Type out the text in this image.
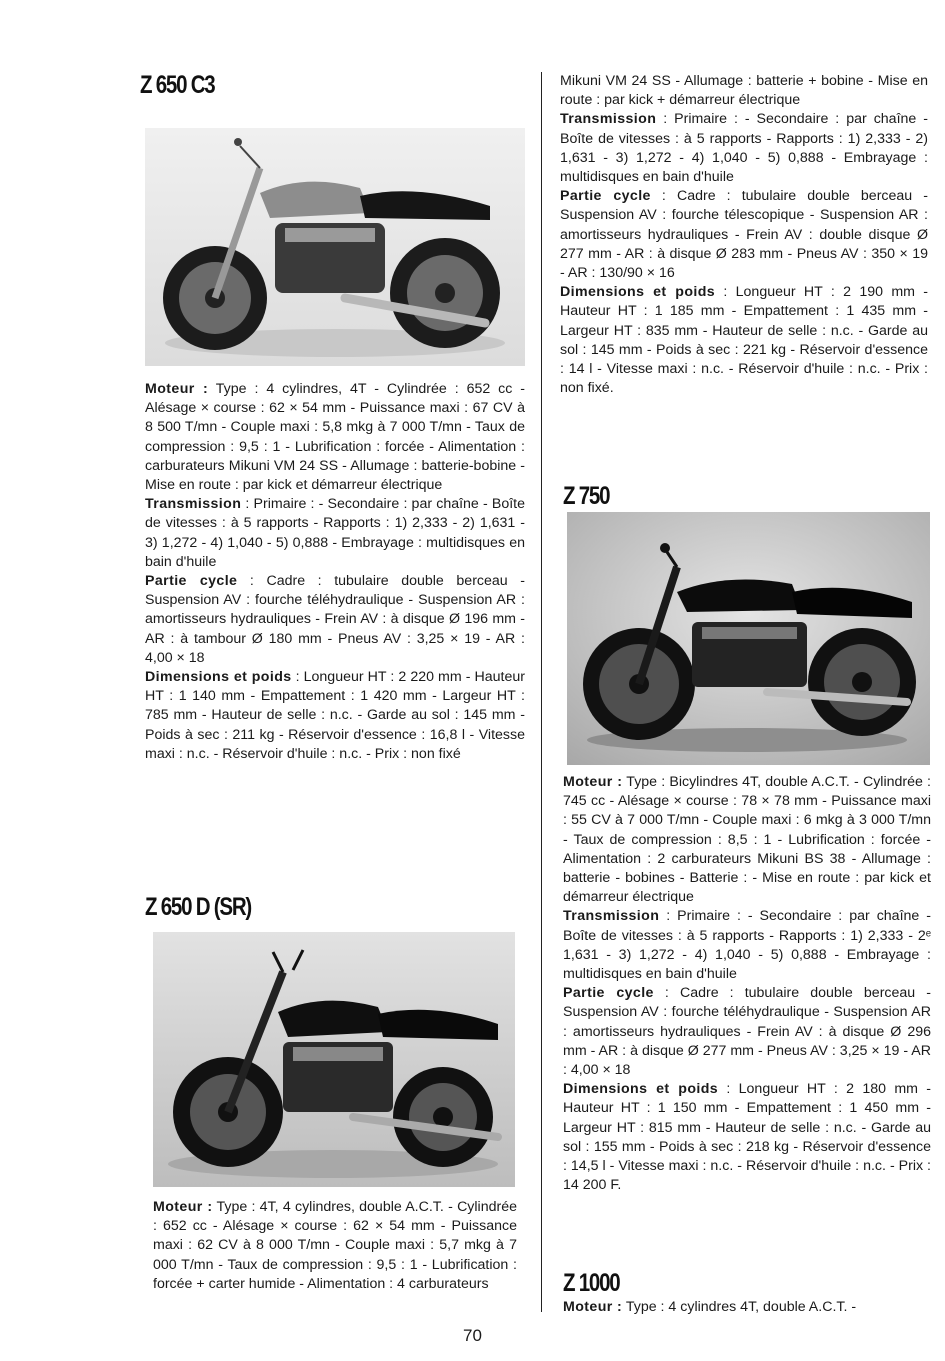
Z 650 C3

Moteur : Type : 4 cylindres, 4T - Cylindrée : 652 cc - Alésage × course : 62 × 54 mm - Puissance maxi : 67 CV à 8 500 T/mn - Couple maxi : 5,8 mkg à 7 000 T/mn - Taux de compression : 9,5 : 1 - Lubrification : forcée - Alimentation : carburateurs Mikuni VM 24 SS - Allumage : batterie-bobine - Mise en route : par kick et démarreur électrique

Transmission : Primaire : - Secondaire : par chaîne - Boîte de vitesses : à 5 rapports - Rapports : 1) 2,333 - 2) 1,631 - 3) 1,272 - 4) 1,040 - 5) 0,888 - Embrayage : multidisques en bain d'huile

Partie cycle : Cadre : tubulaire double berceau - Suspension AV : fourche téléhydraulique - Suspension AR : amortisseurs hydrauliques - Frein AV : à disque Ø 196 mm - AR : à tambour Ø 180 mm - Pneus AV : 3,25 × 19 - AR : 4,00 × 18

Dimensions et poids : Longueur HT : 2 220 mm - Hauteur HT : 1 140 mm - Empattement : 1 420 mm - Largeur HT : 785 mm - Hauteur de selle : n.c. - Garde au sol : 145 mm - Poids à sec : 211 kg - Réservoir d'essence : 16,8 l - Vitesse maxi : n.c. - Réservoir d'huile : n.c. - Prix : non fixé

Z 650 D (SR)

Moteur : Type : 4T, 4 cylindres, double A.C.T. - Cylindrée : 652 cc - Alésage × course : 62 × 54 mm - Puissance maxi : 62 CV à 8 000 T/mn - Couple maxi : 5,7 mkg à 7 000 T/mn - Taux de compression : 9,5 : 1 - Lubrification : forcée + carter humide - Alimentation : 4 carburateurs

Mikuni VM 24 SS - Allumage : batterie + bobine - Mise en route : par kick + démarreur électrique

Transmission : Primaire : - Secondaire : par chaîne - Boîte de vitesses : à 5 rapports - Rapports : 1) 2,333 - 2) 1,631 - 3) 1,272 - 4) 1,040 - 5) 0,888 - Embrayage : multidisques en bain d'huile

Partie cycle : Cadre : tubulaire double berceau - Suspension AV : fourche télescopique - Suspension AR : amortisseurs hydrauliques - Frein AV : double disque Ø 277 mm - AR : à disque Ø 283 mm - Pneus AV : 350 × 19 - AR : 130/90 × 16

Dimensions et poids : Longueur HT : 2 190 mm - Hauteur HT : 1 185 mm - Empattement : 1 435 mm - Largeur HT : 835 mm - Hauteur de selle : n.c. - Garde au sol : 145 mm - Poids à sec : 221 kg - Réservoir d'essence : 14 l - Vitesse maxi : n.c. - Réservoir d'huile : n.c. - Prix : non fixé.

Z 750

Moteur : Type : Bicylindres 4T, double A.C.T. - Cylindrée : 745 cc - Alésage × course : 78 × 78 mm - Puissance maxi : 55 CV à 7 000 T/mn - Couple maxi : 6 mkg à 3 000 T/mn - Taux de compression : 8,5 : 1 - Lubrification : forcée - Alimentation : 2 carburateurs Mikuni BS 38 - Allumage : batterie - bobines - Batterie : - Mise en route : par kick et démarreur électrique

Transmission : Primaire : - Secondaire : par chaîne - Boîte de vitesses : à 5 rapports - Rapports : 1) 2,333 - 2ᵉ 1,631 - 3) 1,272 - 4) 1,040 - 5) 0,888 - Embrayage : multidisques en bain d'huile

Partie cycle : Cadre : tubulaire double berceau - Suspension AV : fourche téléhydraulique - Suspension AR : amortisseurs hydrauliques - Frein AV : à disque Ø 296 mm - AR : à disque Ø 277 mm - Pneus AV : 3,25 × 19 - AR : 4,00 × 18

Dimensions et poids : Longueur HT : 2 180 mm - Hauteur HT : 1 150 mm - Empattement : 1 450 mm - Largeur HT : 815 mm - Hauteur de selle : n.c. - Garde au sol : 155 mm - Poids à sec : 218 kg - Réservoir d'essence : 14,5 l - Vitesse maxi : n.c. - Réservoir d'huile : n.c. - Prix : 14 200 F.

Z 1000

Moteur : Type : 4 cylindres 4T, double A.C.T. -

70
